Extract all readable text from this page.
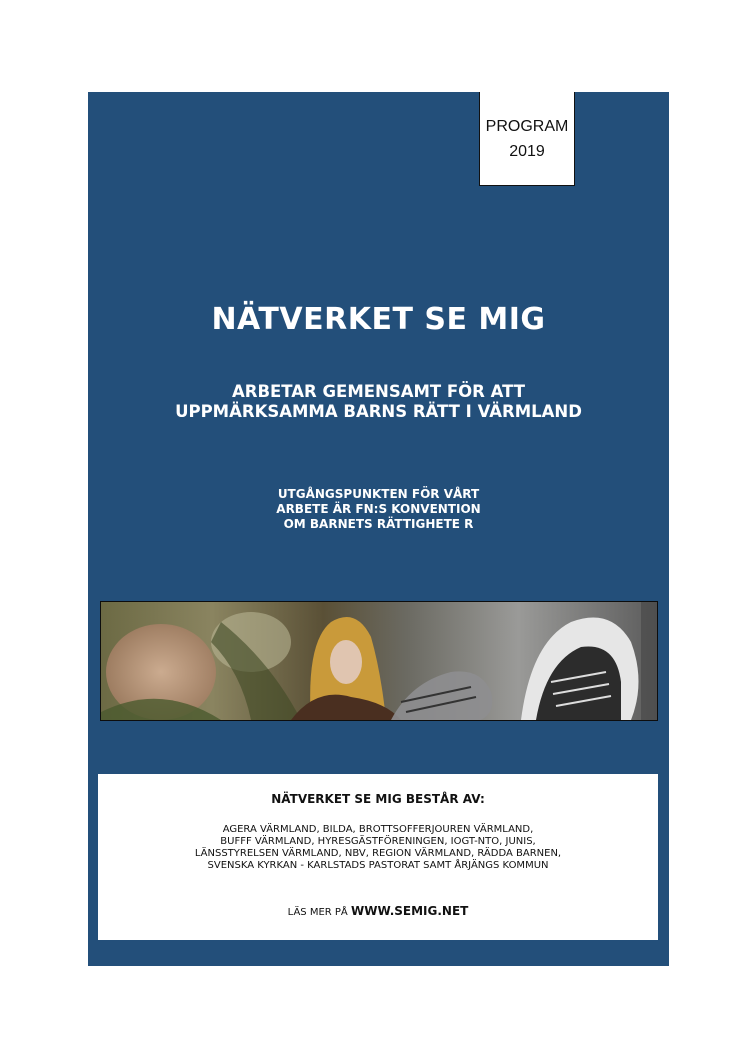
PROGRAM
2019
NÄTVERKET SE MIG
ARBETAR GEMENSAMT FÖR ATT
UPPMÄRKSAMMA BARNS RÄTT I VÄRMLAND
UTGÅNGSPUNKTEN FÖR VÅRT
ARBETE ÄR FN:S KONVENTION
OM BARNETS RÄTTIGHETE R
NÄTVERKET SE MIG BESTÅR AV:
AGERA VÄRMLAND, BILDA, BROTTSOFFERJOUREN VÄRMLAND,
BUFFF VÄRMLAND, HYRESGÄSTFÖRENINGEN, IOGT-NTO, JUNIS,
LÄNSSTYRELSEN VÄRMLAND, NBV, REGION VÄRMLAND, RÄDDA BARNEN,
SVENSKA KYRKAN - KARLSTADS PASTORAT SAMT ÅRJÄNGS KOMMUN
LÄS MER PÅ WWW.SEMIG.NET
